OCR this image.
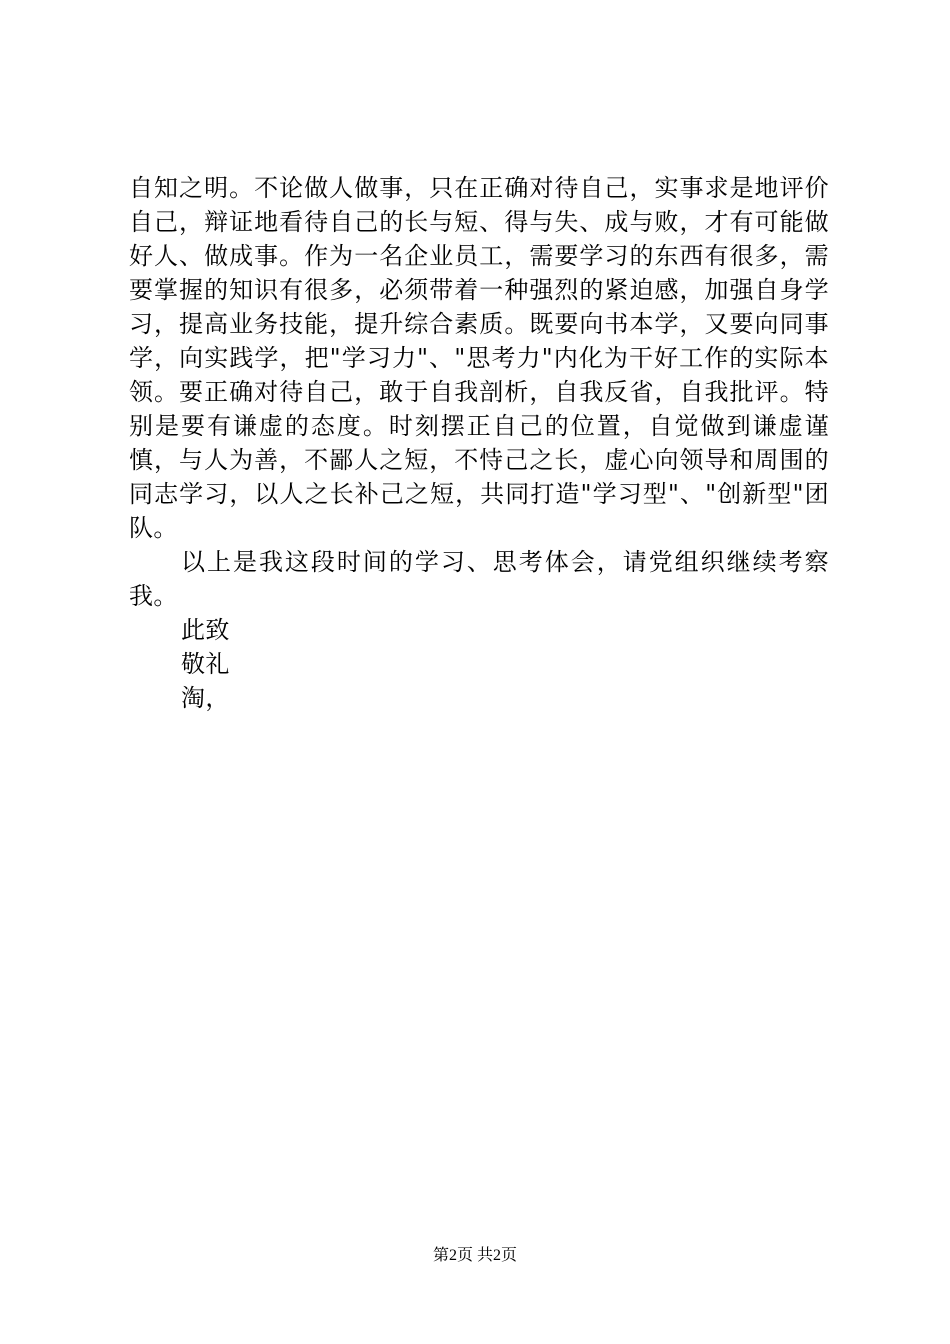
自知之明。不论做人做事，只在正确对待自己，实事求是地评价自己，辩证地看待自己的长与短、得与失、成与败，才有可能做好人、做成事。作为一名企业员工，需要学习的东西有很多，需要掌握的知识有很多，必须带着一种强烈的紧迫感，加强自身学习，提高业务技能，提升综合素质。既要向书本学，又要向同事学，向实践学，把"学习力"、"思考力"内化为干好工作的实际本领。要正确对待自己，敢于自我剖析，自我反省，自我批评。特别是要有谦虚的态度。时刻摆正自己的位置，自觉做到谦虚谨慎，与人为善，不鄙人之短，不恃己之长，虚心向领导和周围的同志学习，以人之长补己之短，共同打造"学习型"、"创新型"团队。

以上是我这段时间的学习、思考体会，请党组织继续考察我。

此致

敬礼

淘，

第2页 共2页
